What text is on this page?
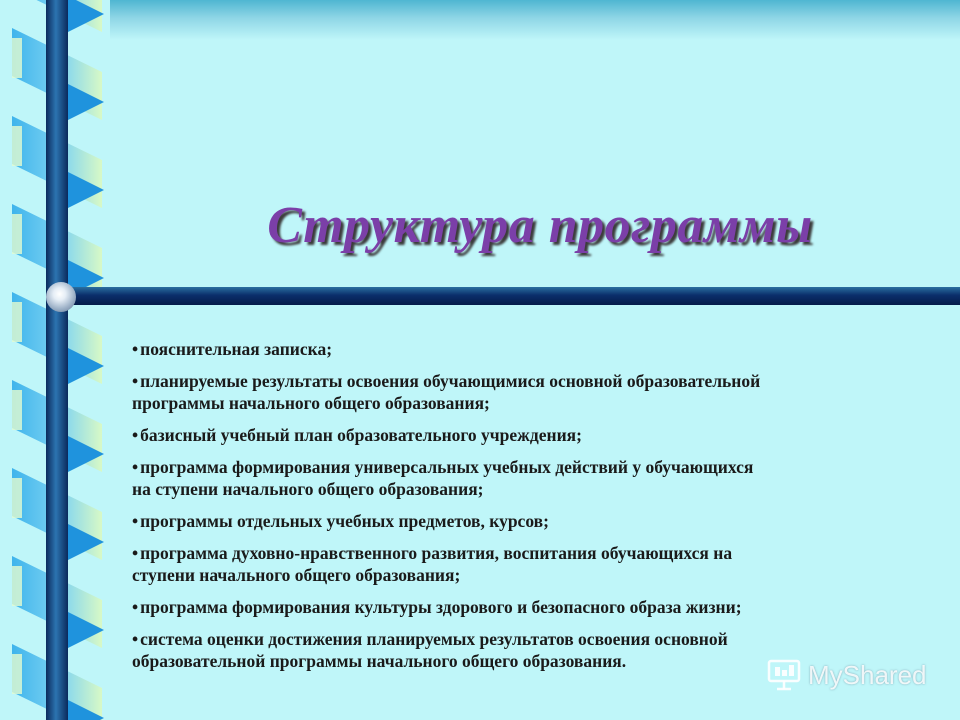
Структура программы
• пояснительная записка;
• планируемые результаты освоения обучающимися основной образовательной программы начального общего образования;
• базисный учебный план образовательного учреждения;
• программа формирования универсальных учебных действий у обучающихся на ступени начального общего образования;
• программы отдельных учебных предметов, курсов;
• программа духовно-нравственного развития, воспитания обучающихся на ступени начального общего образования;
• программа формирования культуры здорового и безопасного образа жизни;
• система оценки достижения планируемых результатов освоения основной образовательной программы начального общего образования.	MyShared
